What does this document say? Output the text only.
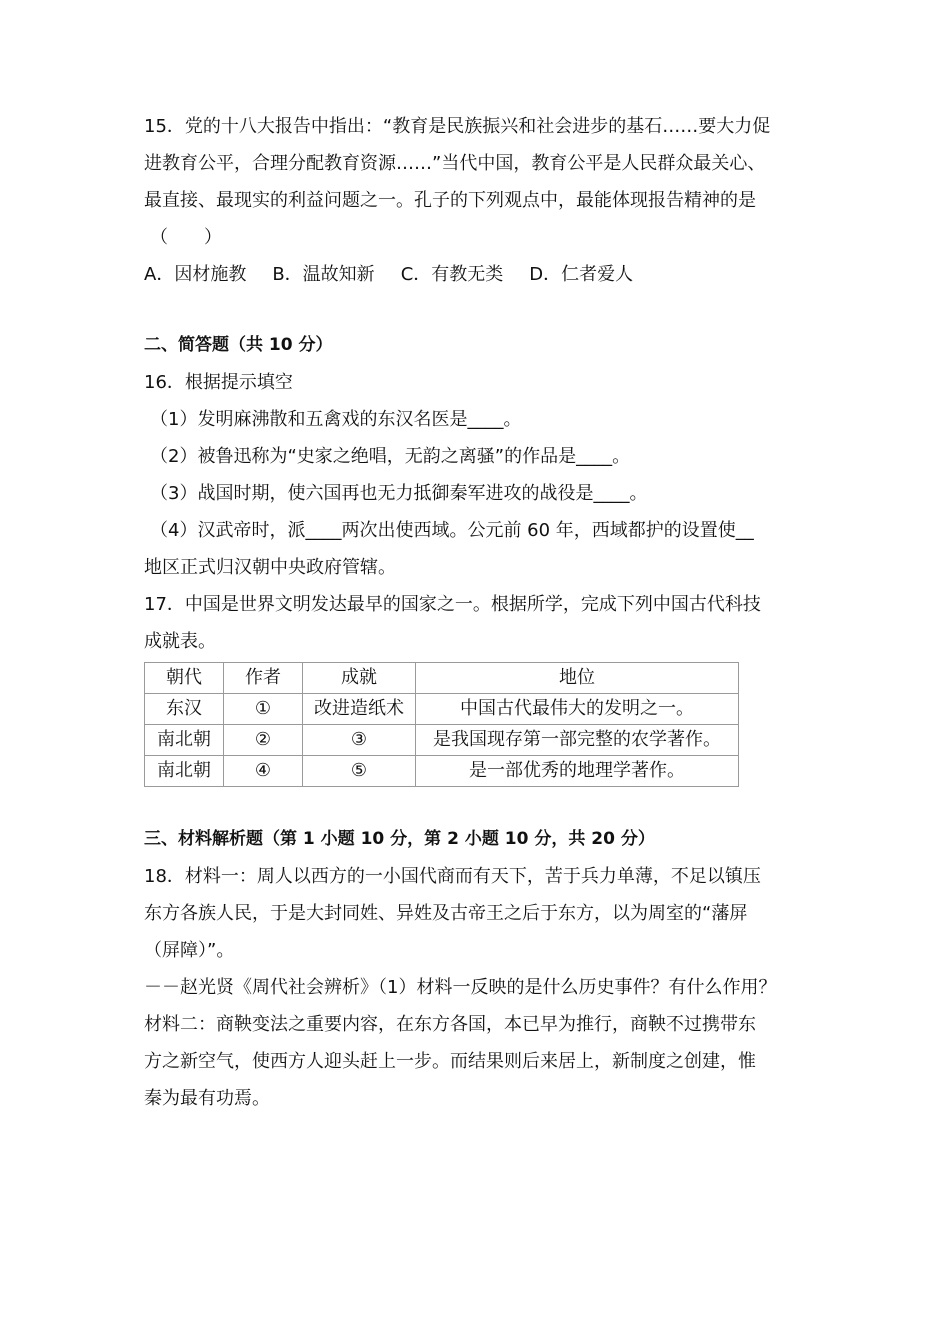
15．党的十八大报告中指出：“教育是民族振兴和社会进步的基石……要大力促
进教育公平，合理分配教育资源……”当代中国，教育公平是人民群众最关心、
最直接、最现实的利益问题之一。孔子的下列观点中，最能体现报告精神的是
（　　）
A．因材施教 B．温故知新 C．有教无类 D．仁者爱人
二、简答题（共 10 分）
16．根据提示填空
（1）发明麻沸散和五禽戏的东汉名医是____。
（2）被鲁迅称为“史家之绝唱，无韵之离骚”的作品是____。
（3）战国时期，使六国再也无力抵御秦军进攻的战役是____。
（4）汉武帝时，派____两次出使西域。公元前 60 年，西域都护的设置使__
地区正式归汉朝中央政府管辖。
17．中国是世界文明发达最早的国家之一。根据所学，完成下列中国古代科技
成就表。
朝代	作者	成就	地位
东汉	①	改进造纸术	中国古代最伟大的发明之一。
南北朝	②	③	是我国现存第一部完整的农学著作。
南北朝	④	⑤	是一部优秀的地理学著作。
三、材料解析题（第 1 小题 10 分，第 2 小题 10 分，共 20 分）
18．材料一：周人以西方的一小国代商而有天下，苦于兵力单薄，不足以镇压
东方各族人民，于是大封同姓、异姓及古帝王之后于东方，以为周室的“藩屏
（屏障）”。
－－赵光贤《周代社会辨析》（1）材料一反映的是什么历史事件？有什么作用？
材料二：商鞅变法之重要内容，在东方各国，本已早为推行，商鞅不过携带东
方之新空气，使西方人迎头赶上一步。而结果则后来居上，新制度之创建，惟
秦为最有功焉。
